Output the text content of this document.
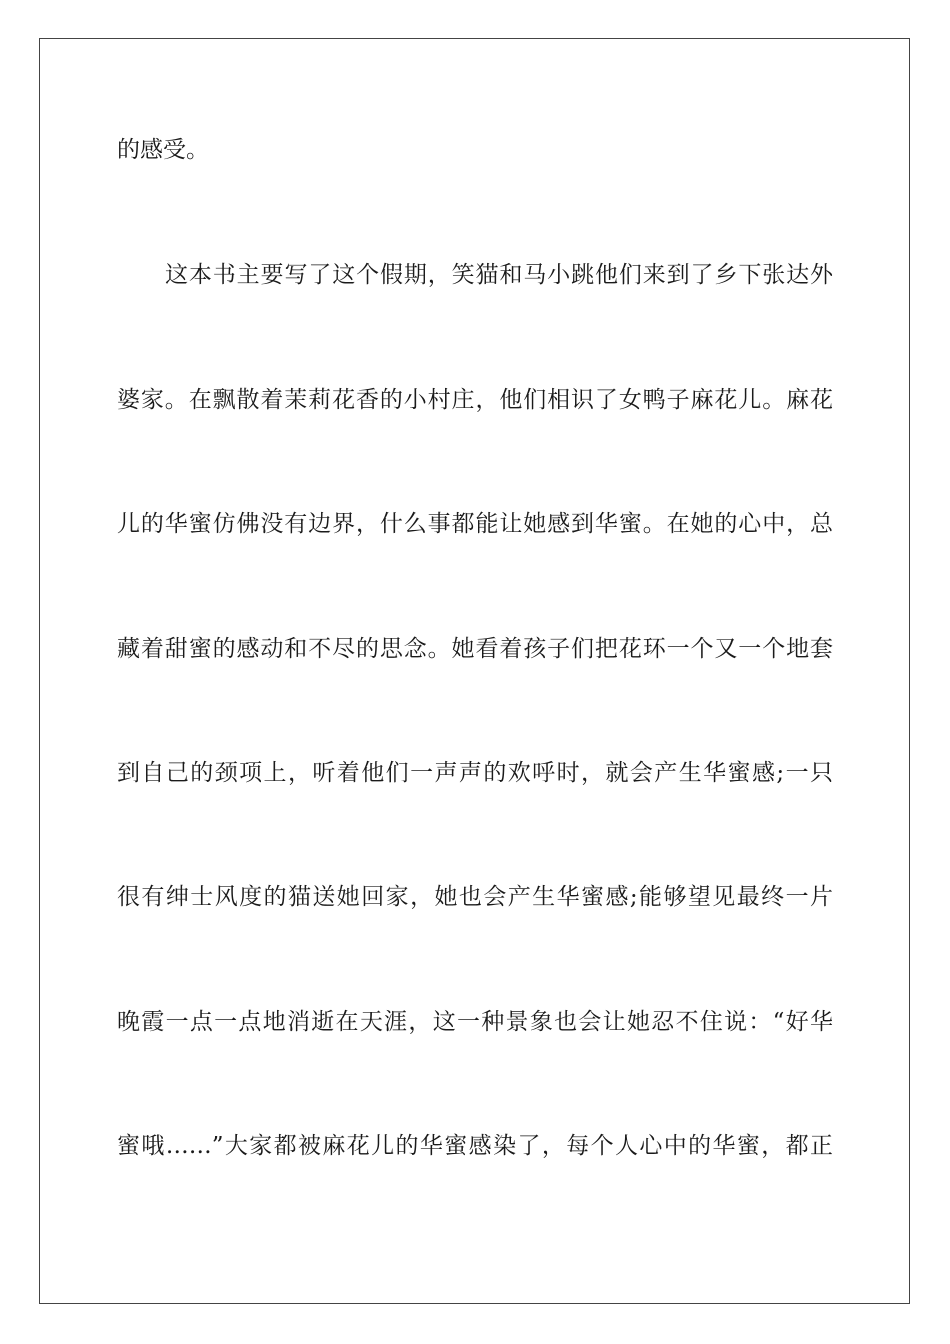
的感受。
这本书主要写了这个假期，笑猫和马小跳他们来到了乡下张达外
婆家。在飘散着茉莉花香的小村庄，他们相识了女鸭子麻花儿。麻花
儿的华蜜仿佛没有边界，什么事都能让她感到华蜜。在她的心中，总
藏着甜蜜的感动和不尽的思念。她看着孩子们把花环一个又一个地套
到自己的颈项上，听着他们一声声的欢呼时，就会产生华蜜感;一只
很有绅士风度的猫送她回家，她也会产生华蜜感;能够望见最终一片
晚霞一点一点地消逝在天涯，这一种景象也会让她忍不住说：“好华
蜜哦……”大家都被麻花儿的华蜜感染了，每个人心中的华蜜，都正
